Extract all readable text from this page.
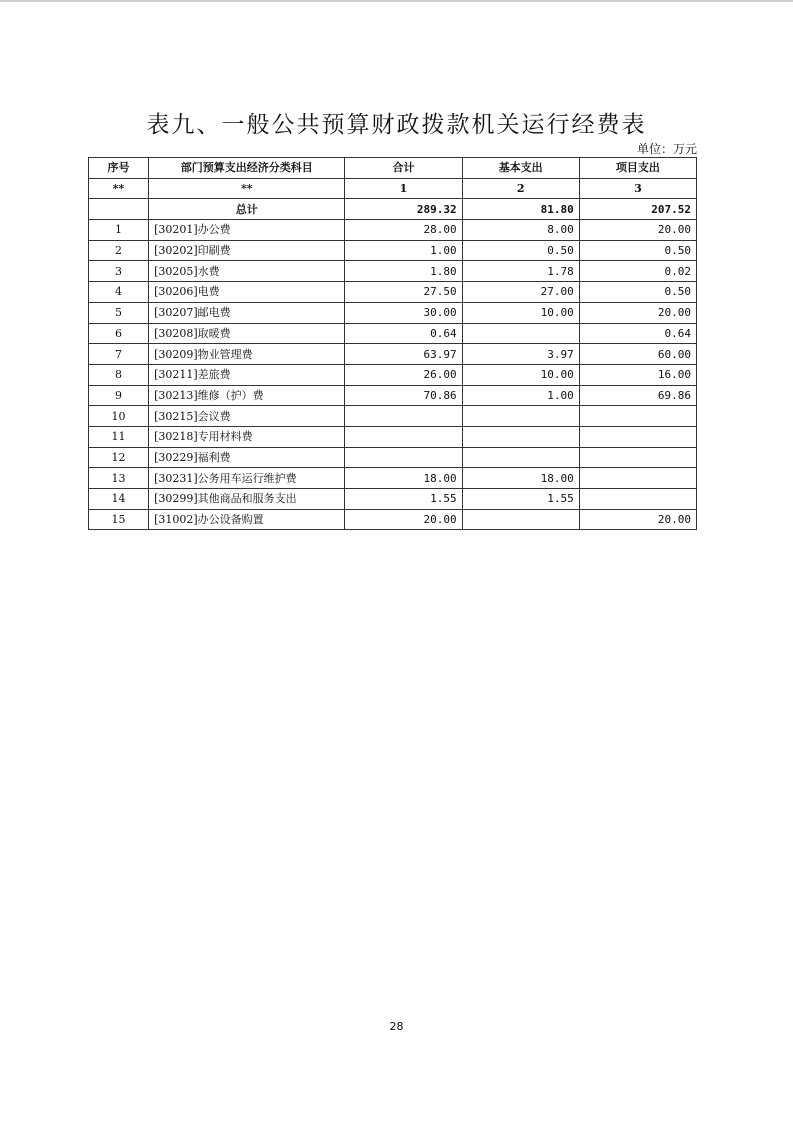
表九、一般公共预算财政拨款机关运行经费表
单位：万元
序号	部门预算支出经济分类科目	合计	基本支出	项目支出
**	**	1	2	3
	总计	289.32	81.80	207.52
1	[30201]办公费	28.00	8.00	20.00
2	[30202]印刷费	1.00	0.50	0.50
3	[30205]水费	1.80	1.78	0.02
4	[30206]电费	27.50	27.00	0.50
5	[30207]邮电费	30.00	10.00	20.00
6	[30208]取暖费	0.64		0.64
7	[30209]物业管理费	63.97	3.97	60.00
8	[30211]差旅费	26.00	10.00	16.00
9	[30213]维修（护）费	70.86	1.00	69.86
10	[30215]会议费			
11	[30218]专用材料费			
12	[30229]福利费			
13	[30231]公务用车运行维护费	18.00	18.00	
14	[30299]其他商品和服务支出	1.55	1.55	
15	[31002]办公设备购置	20.00		20.00
28
